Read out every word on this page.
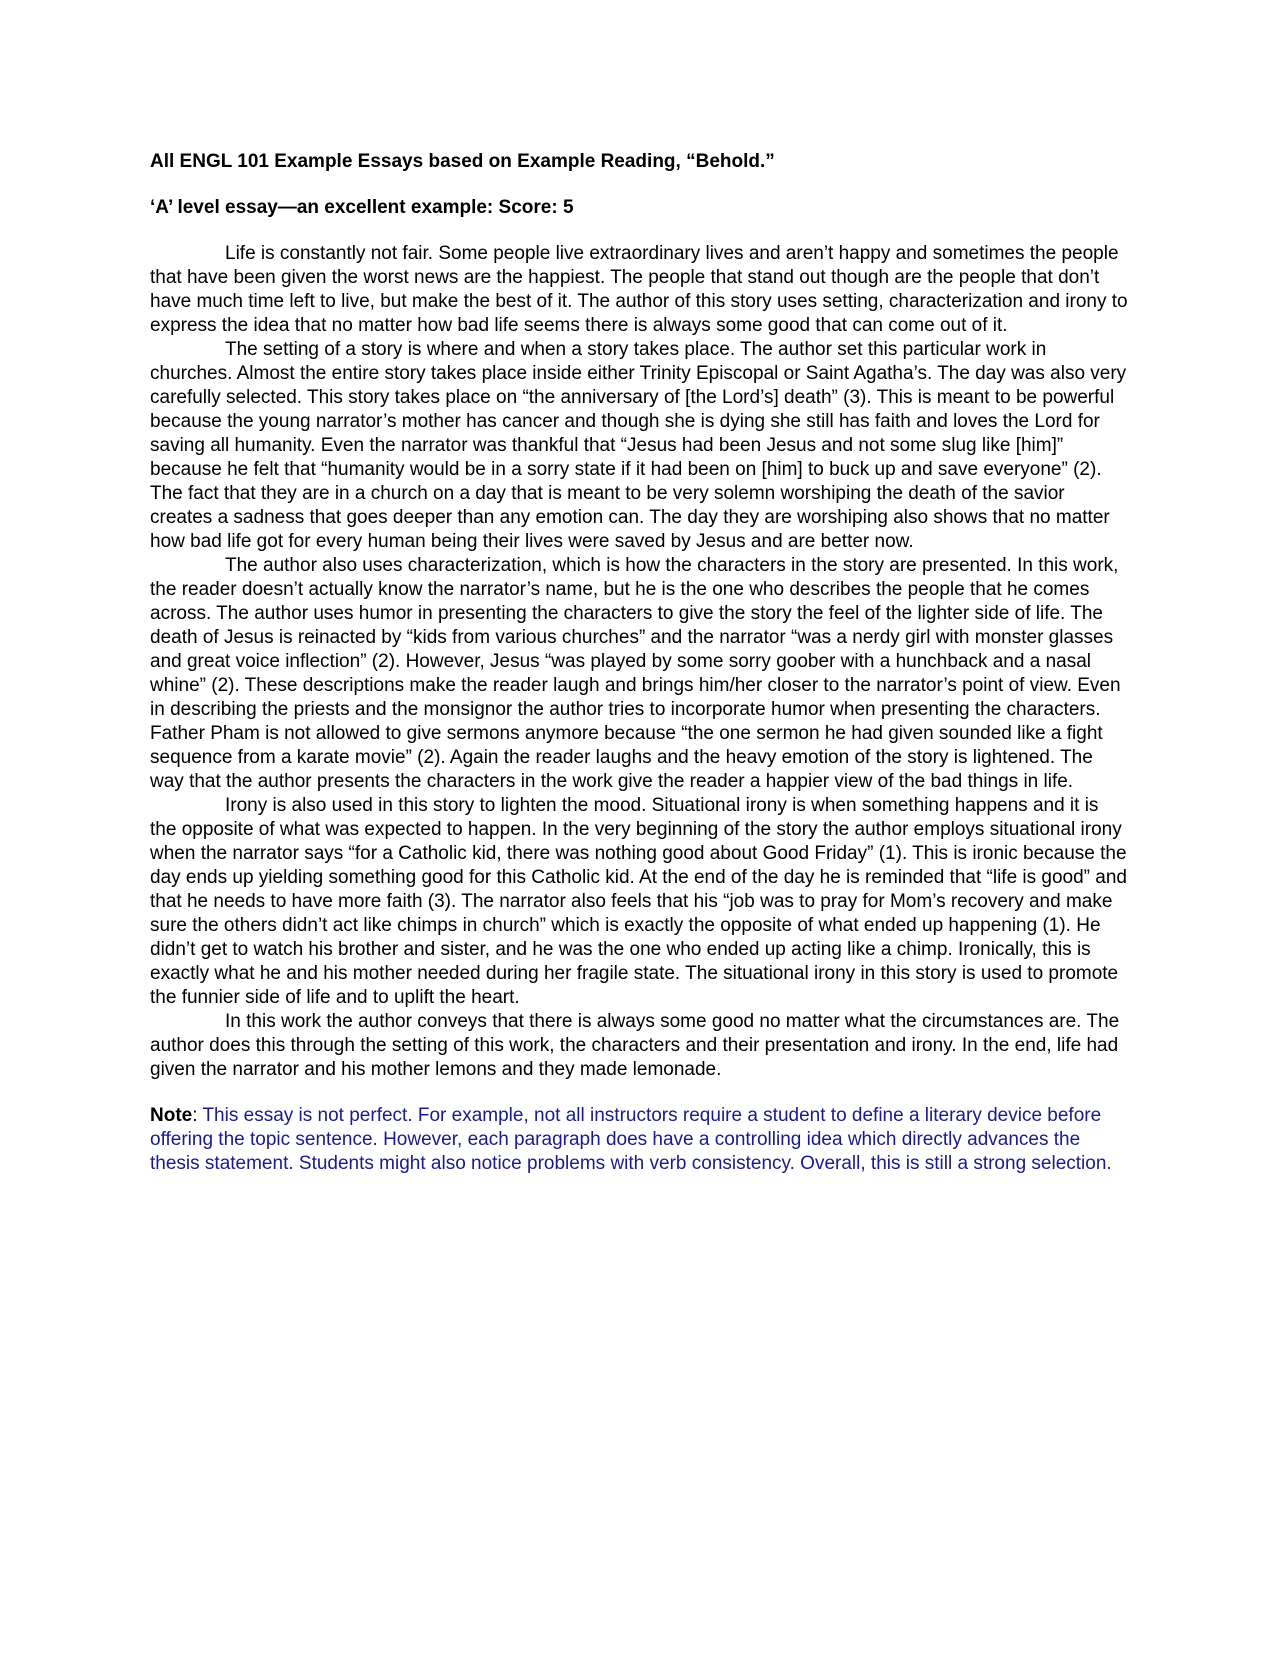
All ENGL 101 Example Essays based on Example Reading, “Behold.”
‘A’ level essay—an excellent example: Score: 5

Life is constantly not fair. Some people live extraordinary lives and aren’t happy and sometimes the people that have been given the worst news are the happiest. The people that stand out though are the people that don’t have much time left to live, but make the best of it. The author of this story uses setting, characterization and irony to express the idea that no matter how bad life seems there is always some good that can come out of it.

The setting of a story is where and when a story takes place. The author set this particular work in churches. Almost the entire story takes place inside either Trinity Episcopal or Saint Agatha’s. The day was also very carefully selected. This story takes place on “the anniversary of [the Lord’s] death” (3). This is meant to be powerful because the young narrator’s mother has cancer and though she is dying she still has faith and loves the Lord for saving all humanity. Even the narrator was thankful that “Jesus had been Jesus and not some slug like [him]” because he felt that “humanity would be in a sorry state if it had been on [him] to buck up and save everyone” (2). The fact that they are in a church on a day that is meant to be very solemn worshiping the death of the savior creates a sadness that goes deeper than any emotion can. The day they are worshiping also shows that no matter how bad life got for every human being their lives were saved by Jesus and are better now.

The author also uses characterization, which is how the characters in the story are presented. In this work, the reader doesn’t actually know the narrator’s name, but he is the one who describes the people that he comes across. The author uses humor in presenting the characters to give the story the feel of the lighter side of life. The death of Jesus is reinacted by “kids from various churches” and the narrator “was a nerdy girl with monster glasses and great voice inflection” (2). However, Jesus “was played by some sorry goober with a hunchback and a nasal whine” (2). These descriptions make the reader laugh and brings him/her closer to the narrator’s point of view. Even in describing the priests and the monsignor the author tries to incorporate humor when presenting the characters. Father Pham is not allowed to give sermons anymore because “the one sermon he had given sounded like a fight sequence from a karate movie” (2). Again the reader laughs and the heavy emotion of the story is lightened. The way that the author presents the characters in the work give the reader a happier view of the bad things in life.

Irony is also used in this story to lighten the mood. Situational irony is when something happens and it is the opposite of what was expected to happen. In the very beginning of the story the author employs situational irony when the narrator says “for a Catholic kid, there was nothing good about Good Friday” (1). This is ironic because the day ends up yielding something good for this Catholic kid. At the end of the day he is reminded that “life is good” and that he needs to have more faith (3). The narrator also feels that his “job was to pray for Mom’s recovery and make sure the others didn’t act like chimps in church” which is exactly the opposite of what ended up happening (1). He didn’t get to watch his brother and sister, and he was the one who ended up acting like a chimp. Ironically, this is exactly what he and his mother needed during her fragile state. The situational irony in this story is used to promote the funnier side of life and to uplift the heart.

In this work the author conveys that there is always some good no matter what the circumstances are. The author does this through the setting of this work, the characters and their presentation and irony. In the end, life had given the narrator and his mother lemons and they made lemonade.

Note: This essay is not perfect. For example, not all instructors require a student to define a literary device before offering the topic sentence. However, each paragraph does have a controlling idea which directly advances the thesis statement. Students might also notice problems with verb consistency. Overall, this is still a strong selection.
